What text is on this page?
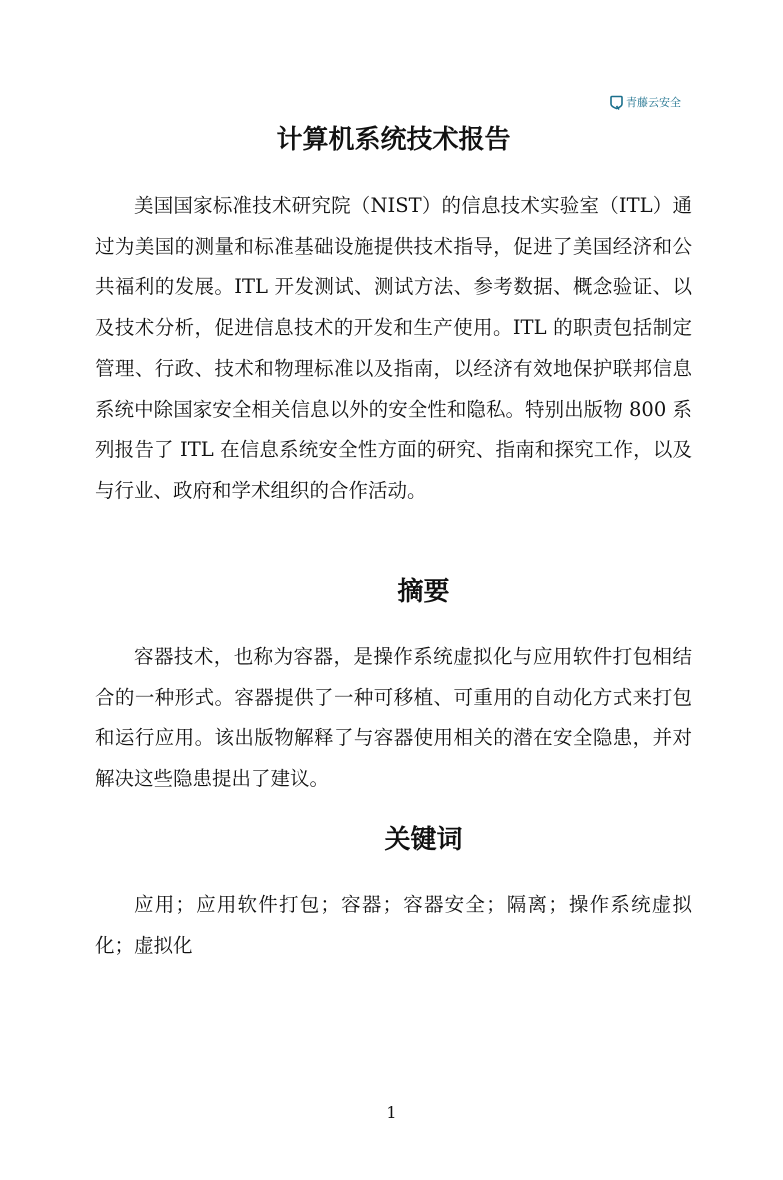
青藤云安全
计算机系统技术报告

美国国家标准技术研究院（NIST）的信息技术实验室（ITL）通过为美国的测量和标准基础设施提供技术指导，促进了美国经济和公共福利的发展。ITL 开发测试、测试方法、参考数据、概念验证、以及技术分析，促进信息技术的开发和生产使用。ITL 的职责包括制定管理、行政、技术和物理标准以及指南，以经济有效地保护联邦信息系统中除国家安全相关信息以外的安全性和隐私。特别出版物 800 系列报告了 ITL 在信息系统安全性方面的研究、指南和探究工作，以及与行业、政府和学术组织的合作活动。

摘要

容器技术，也称为容器，是操作系统虚拟化与应用软件打包相结合的一种形式。容器提供了一种可移植、可重用的自动化方式来打包和运行应用。该出版物解释了与容器使用相关的潜在安全隐患，并对解决这些隐患提出了建议。

关键词

应用；应用软件打包；容器；容器安全；隔离；操作系统虚拟化；虚拟化

1
